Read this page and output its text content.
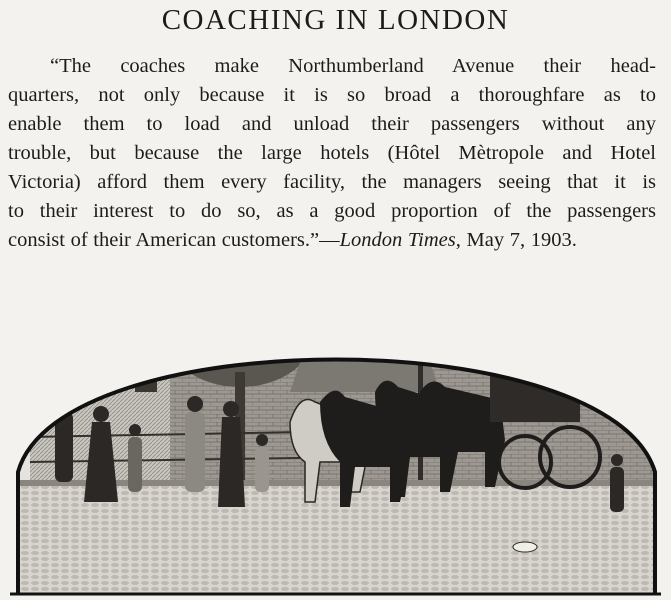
COACHING IN LONDON
“The coaches make Northumberland Avenue their head-
quarters, not only because it is so broad a thoroughfare as to
enable them to load and unload their passengers without any
trouble, but because the large hotels (Hôtel Mètropole and Hotel
Victoria) afford them every facility, the managers seeing that it is
to their interest to do so, as a good proportion of the passengers
consist of their American customers.”—London Times, May 7, 1903.
